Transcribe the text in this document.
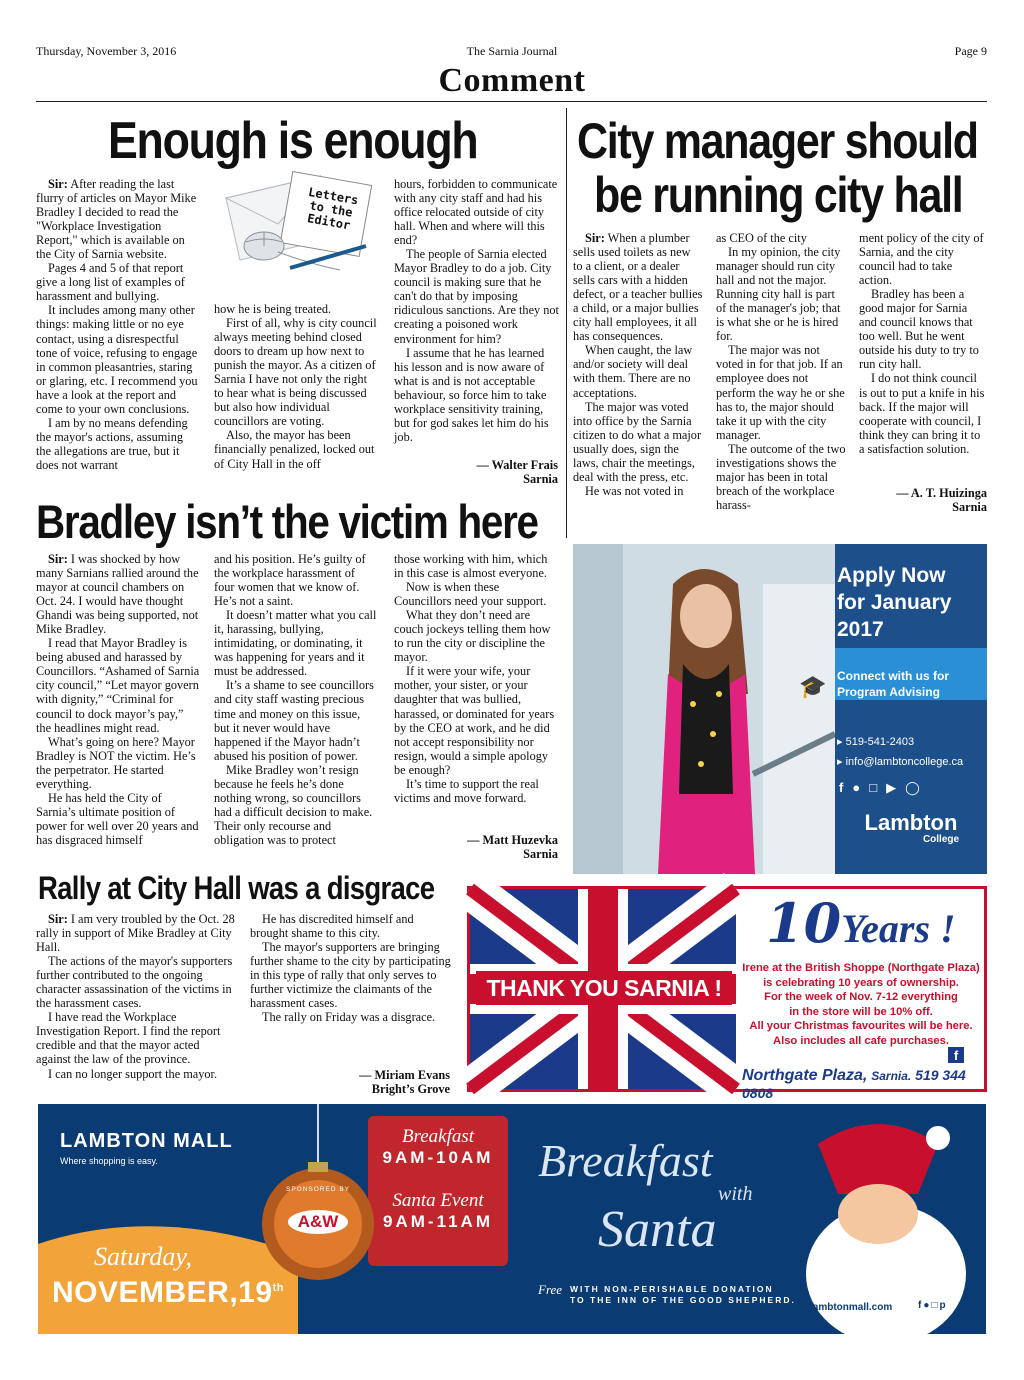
Thursday, November 3, 2016	The Sarnia Journal	Page 9
Comment
Enough is enough
Letters to the Editor

Sir: After reading the last flurry of articles on Mayor Mike Bradley I decided to read the "Workplace Investigation Report," which is available on the City of Sarnia website.

Pages 4 and 5 of that report give a long list of examples of harassment and bullying.

It includes among many other things: making little or no eye contact, using a disrespectful tone of voice, refusing to engage in common pleasantries, staring or glaring, etc. I recommend you have a look at the report and come to your own conclusions.

I am by no means defending the mayor's actions, assuming the allegations are true, but it does not warrant

how he is being treated.

First of all, why is city council always meeting behind closed doors to dream up how next to punish the mayor. As a citizen of Sarnia I have not only the right to hear what is being discussed but also how individual councillors are voting.

Also, the mayor has been financially penalized, locked out of City Hall in the off

hours, forbidden to communicate with any city staff and had his office relocated outside of city hall. When and where will this end?

The people of Sarnia elected Mayor Bradley to do a job. City council is making sure that he can't do that by imposing ridiculous sanctions. Are they not creating a poisoned work environment for him?

I assume that he has learned his lesson and is now aware of what is and is not acceptable behaviour, so force him to take workplace sensitivity training, but for god sakes let him do his job.

— Walter Frais
Sarnia
City manager should
be running city hall

Sir: When a plumber sells used toilets as new to a client, or a dealer sells cars with a hidden defect, or a teacher bullies a child, or a major bullies city hall employees, it all has consequences.

When caught, the law and/or society will deal with them. There are no acceptations.

The major was voted into office by the Sarnia citizen to do what a major usually does, sign the laws, chair the meetings, deal with the press, etc.

He was not voted in

as CEO of the city

In my opinion, the city manager should run city hall and not the major. Running city hall is part of the manager's job; that is what she or he is hired for.

The major was not voted in for that job. If an employee does not perform the way he or she has to, the major should take it up with the city manager.

The outcome of the two investigations shows the major has been in total breach of the workplace harass-

ment policy of the city of Sarnia, and the city council had to take action.

Bradley has been a good major for Sarnia and council knows that too well. But he went outside his duty to try to run city hall.

I do not think council is out to put a knife in his back. If the major will cooperate with council, I think they can bring it to a satisfaction solution.

— A. T. Huizinga
Sarnia
Bradley isn’t the victim here

Sir: I was shocked by how many Sarnians rallied around the mayor at council chambers on Oct. 24. I would have thought Ghandi was being supported, not Mike Bradley.

I read that Mayor Bradley is being abused and harassed by Councillors. “Ashamed of Sarnia city council,” “Let mayor govern with dignity,” “Criminal for council to dock mayor’s pay,” the headlines might read.

What’s going on here? Mayor Bradley is NOT the victim. He’s the perpetrator. He started everything.

He has held the City of Sarnia’s ultimate position of power for well over 20 years and has disgraced himself

and his position. He’s guilty of the workplace harassment of four women that we know of. He’s not a saint.

It doesn’t matter what you call it, harassing, bullying, intimidating, or dominating, it was happening for years and it must be addressed.

It’s a shame to see councillors and city staff wasting precious time and money on this issue, but it never would have happened if the Mayor hadn’t abused his position of power.

Mike Bradley won’t resign because he feels he’s done nothing wrong, so councillors had a difficult decision to make. Their only recourse and obligation was to protect

those working with him, which in this case is almost everyone.

Now is when these Councillors need your support.

What they don’t need are couch jockeys telling them how to run the city or discipline the mayor.

If it were your wife, your mother, your sister, or your daughter that was bullied, harassed, or dominated for years by the CEO at work, and he did not accept responsibility nor resign, would a simple apology be enough?

It’s time to support the real victims and move forward.

— Matt Huzevka
Sarnia
Rally at City Hall was a disgrace

Sir: I am very troubled by the Oct. 28 rally in support of Mike Bradley at City Hall.

The actions of the mayor's supporters further contributed to the ongoing character assassination of the victims in the harassment cases.

I have read the Workplace Investigation Report. I find the report credible and that the mayor acted against the law of the province.

I can no longer support the mayor.

He has discredited himself and brought shame to this city.

The mayor's supporters are bringing further shame to the city by participating in this type of rally that only serves to further victimize the claimants of the harassment cases.

The rally on Friday was a disgrace.

— Miriam Evans
Bright’s Grove
Apply Now
for January
2017
🎓 Connect with us for
Program Advising
▸ 519-541-2403
▸ info@lambtoncollege.ca
f●□▶◯
Lambton
College
THANK YOU SARNIA !
10Years !
Irene at the British Shoppe (Northgate Plaza)
is celebrating 10 years of ownership.
For the week of Nov. 7-12 everything
in the store will be 10% off.
All your Christmas favourites will be here.
Also includes all cafe purchases.
f
Northgate Plaza, Sarnia. 519 344 0808
LAMBTON MALL
Where shopping is easy.
SPONSORED BY
A&W
Saturday,
NOVEMBER,19th
Breakfast
9AM-10AM
Santa Event
9AM-11AM
Breakfast
with
Santa
Free WITH NON-PERISHABLE DONATION
TO THE INN OF THE GOOD SHEPHERD.
lambtonmall.com	f●□p
